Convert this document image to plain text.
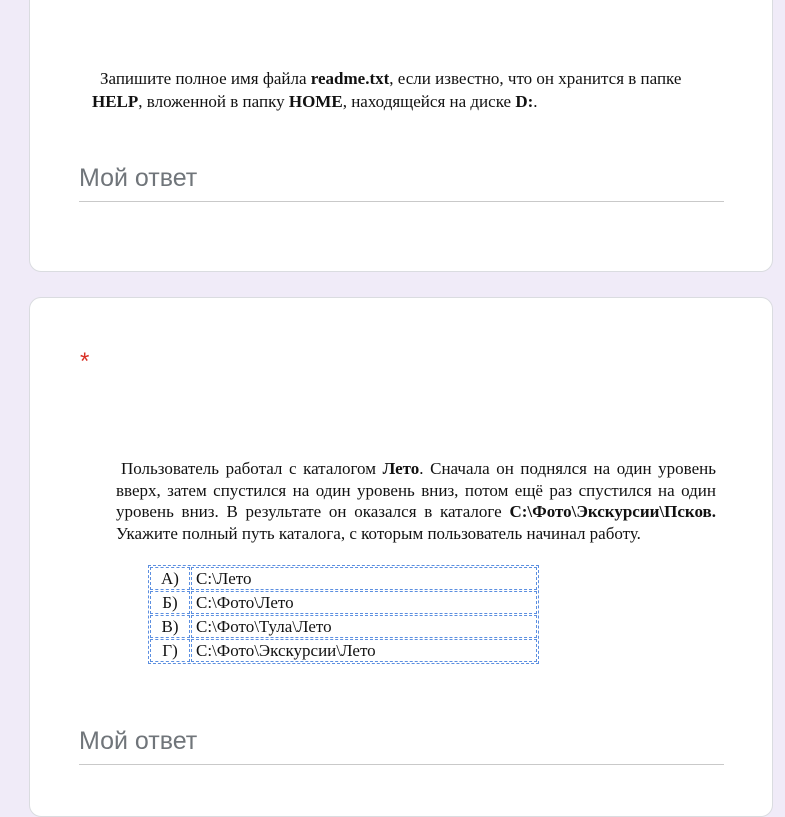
Запишите полное имя файла readme.txt, если известно, что он хранится в папке HELP, вложенной в папку HOME, находящейся на диске D:.
Мой ответ
*
Пользователь работал с каталогом Лето. Сначала он поднялся на один уровень вверх, затем спустился на один уровень вниз, потом ещё раз спустился на один уровень вниз. В результате он оказался в каталоге С:\Фото\Экскурсии\Псков. Укажите полный путь каталога, с которым пользователь начинал работу.
А)	С:\Лето
Б)	С:\Фото\Лето
В)	С:\Фото\Тула\Лето
Г)	С:\Фото\Экскурсии\Лето
Мой ответ
